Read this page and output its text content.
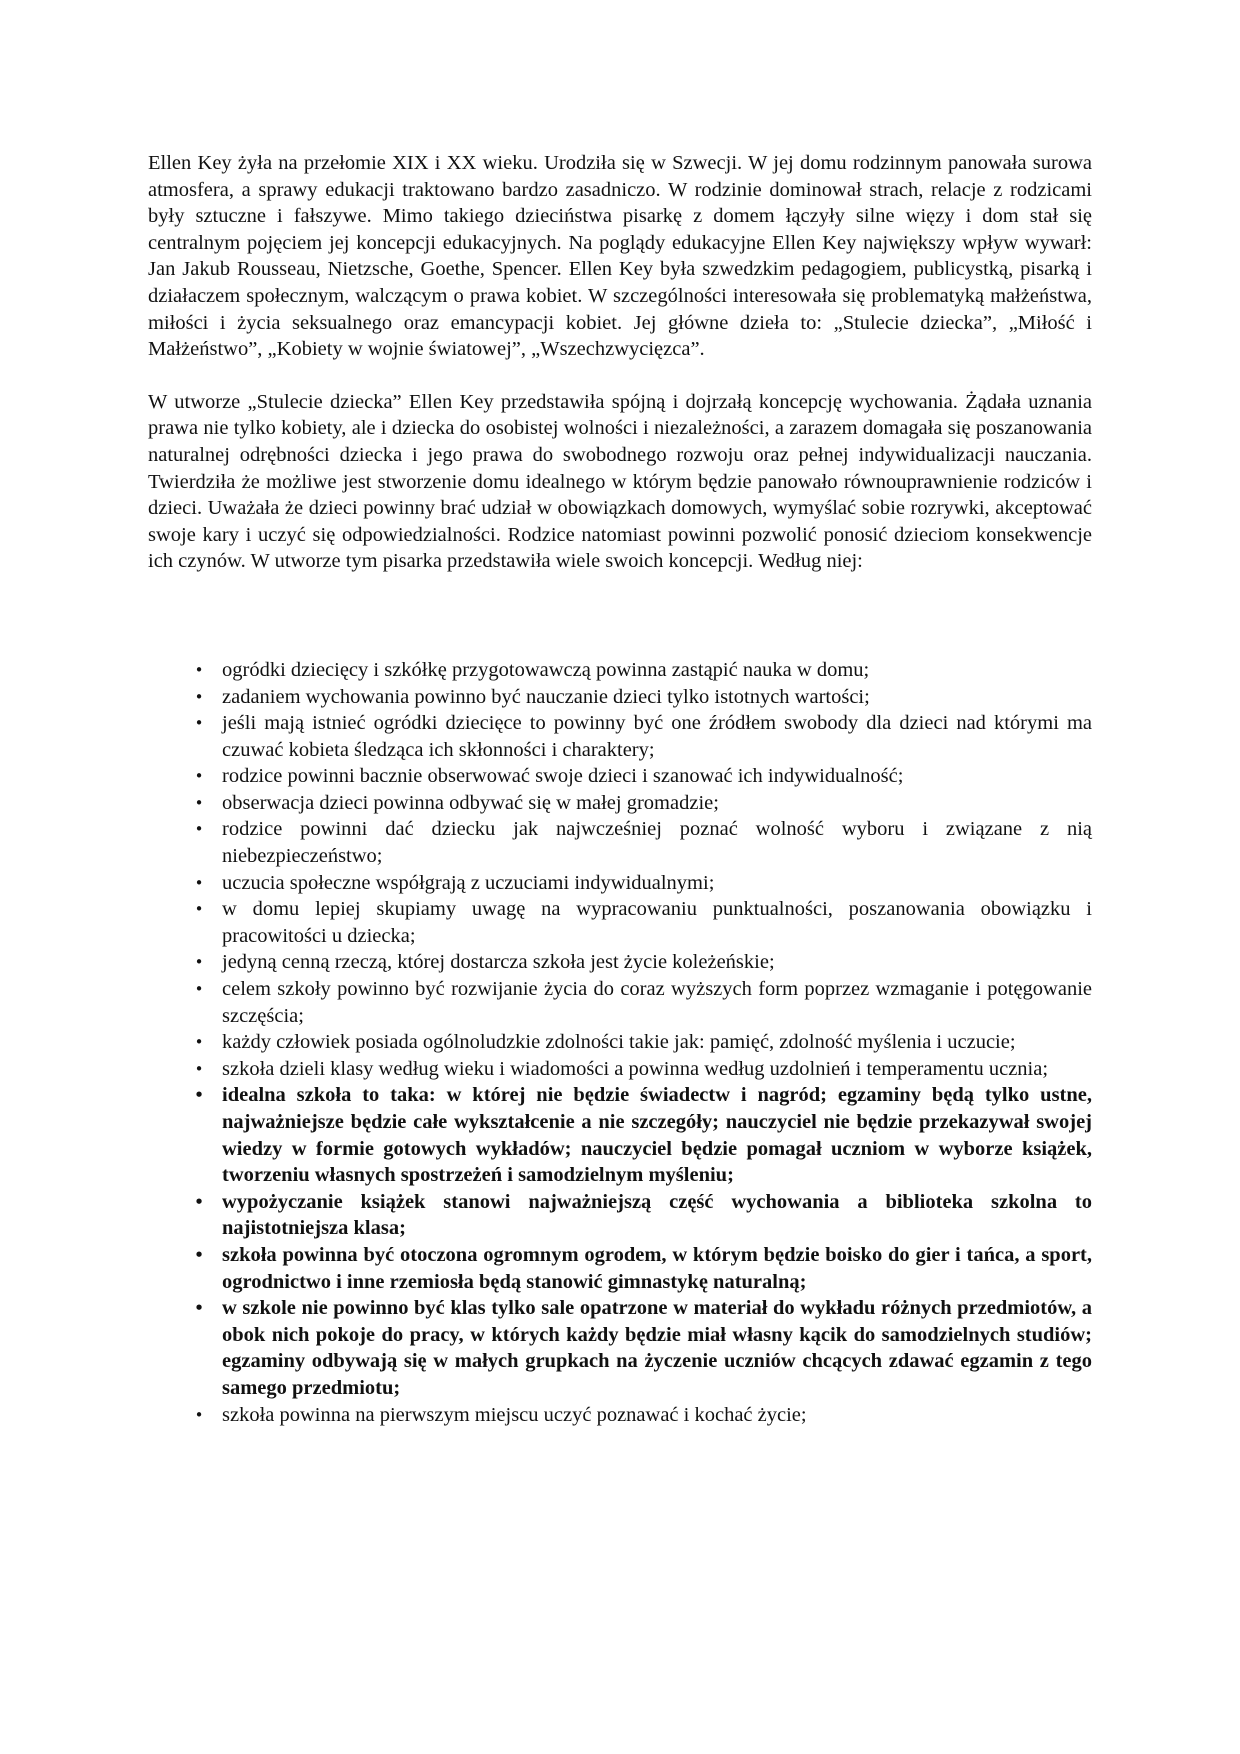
Ellen Key żyła na przełomie XIX i XX wieku. Urodziła się w Szwecji. W jej domu rodzinnym panowała surowa atmosfera, a sprawy edukacji traktowano bardzo zasadniczo. W rodzinie dominował strach, relacje z rodzicami były sztuczne i fałszywe. Mimo takiego dzieciństwa pisarkę z domem łączyły silne więzy i dom stał się centralnym pojęciem jej koncepcji edukacyjnych. Na poglądy edukacyjne Ellen Key największy wpływ wywarł: Jan Jakub Rousseau, Nietzsche, Goethe, Spencer. Ellen Key była szwedzkim pedagogiem, publicystką, pisarką i działaczem społecznym, walczącym o prawa kobiet. W szczególności interesowała się problematyką małżeństwa, miłości i życia seksualnego oraz emancypacji kobiet. Jej główne dzieła to: „Stulecie dziecka”, „Miłość i Małżeństwo”, „Kobiety w wojnie światowej”, „Wszechzwycięzca”.

W utworze „Stulecie dziecka” Ellen Key przedstawiła spójną i dojrzałą koncepcję wychowania. Żądała uznania prawa nie tylko kobiety, ale i dziecka do osobistej wolności i niezależności, a zarazem domagała się poszanowania naturalnej odrębności dziecka i jego prawa do swobodnego rozwoju oraz pełnej indywidualizacji nauczania. Twierdziła że możliwe jest stworzenie domu idealnego w którym będzie panowało równouprawnienie rodziców i dzieci. Uważała że dzieci powinny brać udział w obowiązkach domowych, wymyślać sobie rozrywki, akceptować swoje kary i uczyć się odpowiedzialności. Rodzice natomiast powinni pozwolić ponosić dzieciom konsekwencje ich czynów. W utworze tym pisarka przedstawiła wiele swoich koncepcji. Według niej:

• ogródki dziecięcy i szkółkę przygotowawczą powinna zastąpić nauka w domu;
• zadaniem wychowania powinno być nauczanie dzieci tylko istotnych wartości;
• jeśli mają istnieć ogródki dziecięce to powinny być one źródłem swobody dla dzieci nad którymi ma czuwać kobieta śledząca ich skłonności i charaktery;
• rodzice powinni bacznie obserwować swoje dzieci i szanować ich indywidualność;
• obserwacja dzieci powinna odbywać się w małej gromadzie;
• rodzice powinni dać dziecku jak najwcześniej poznać wolność wyboru i związane z nią niebezpieczeństwo;
• uczucia społeczne współgrają z uczuciami indywidualnymi;
• w domu lepiej skupiamy uwagę na wypracowaniu punktualności, poszanowania obowiązku i pracowitości u dziecka;
• jedyną cenną rzeczą, której dostarcza szkoła jest życie koleżeńskie;
• celem szkoły powinno być rozwijanie życia do coraz wyższych form poprzez wzmaganie i potęgowanie szczęścia;
• każdy człowiek posiada ogólnoludzkie zdolności takie jak: pamięć, zdolność myślenia i uczucie;
• szkoła dzieli klasy według wieku i wiadomości a powinna według uzdolnień i temperamentu ucznia;
• idealna szkoła to taka: w której nie będzie świadectw i nagród; egzaminy będą tylko ustne, najważniejsze będzie całe wykształcenie a nie szczegóły; nauczyciel nie będzie przekazywał swojej wiedzy w formie gotowych wykładów; nauczyciel będzie pomagał uczniom w wyborze książek, tworzeniu własnych spostrzeżeń i samodzielnym myśleniu;
• wypożyczanie książek stanowi najważniejszą część wychowania a biblioteka szkolna to najistotniejsza klasa;
• szkoła powinna być otoczona ogromnym ogrodem, w którym będzie boisko do gier i tańca, a sport, ogrodnictwo i inne rzemiosła będą stanowić gimnastykę naturalną;
• w szkole nie powinno być klas tylko sale opatrzone w materiał do wykładu różnych przedmiotów, a obok nich pokoje do pracy, w których każdy będzie miał własny kącik do samodzielnych studiów; egzaminy odbywają się w małych grupkach na życzenie uczniów chcących zdawać egzamin z tego samego przedmiotu;
• szkoła powinna na pierwszym miejscu uczyć poznawać i kochać życie;
